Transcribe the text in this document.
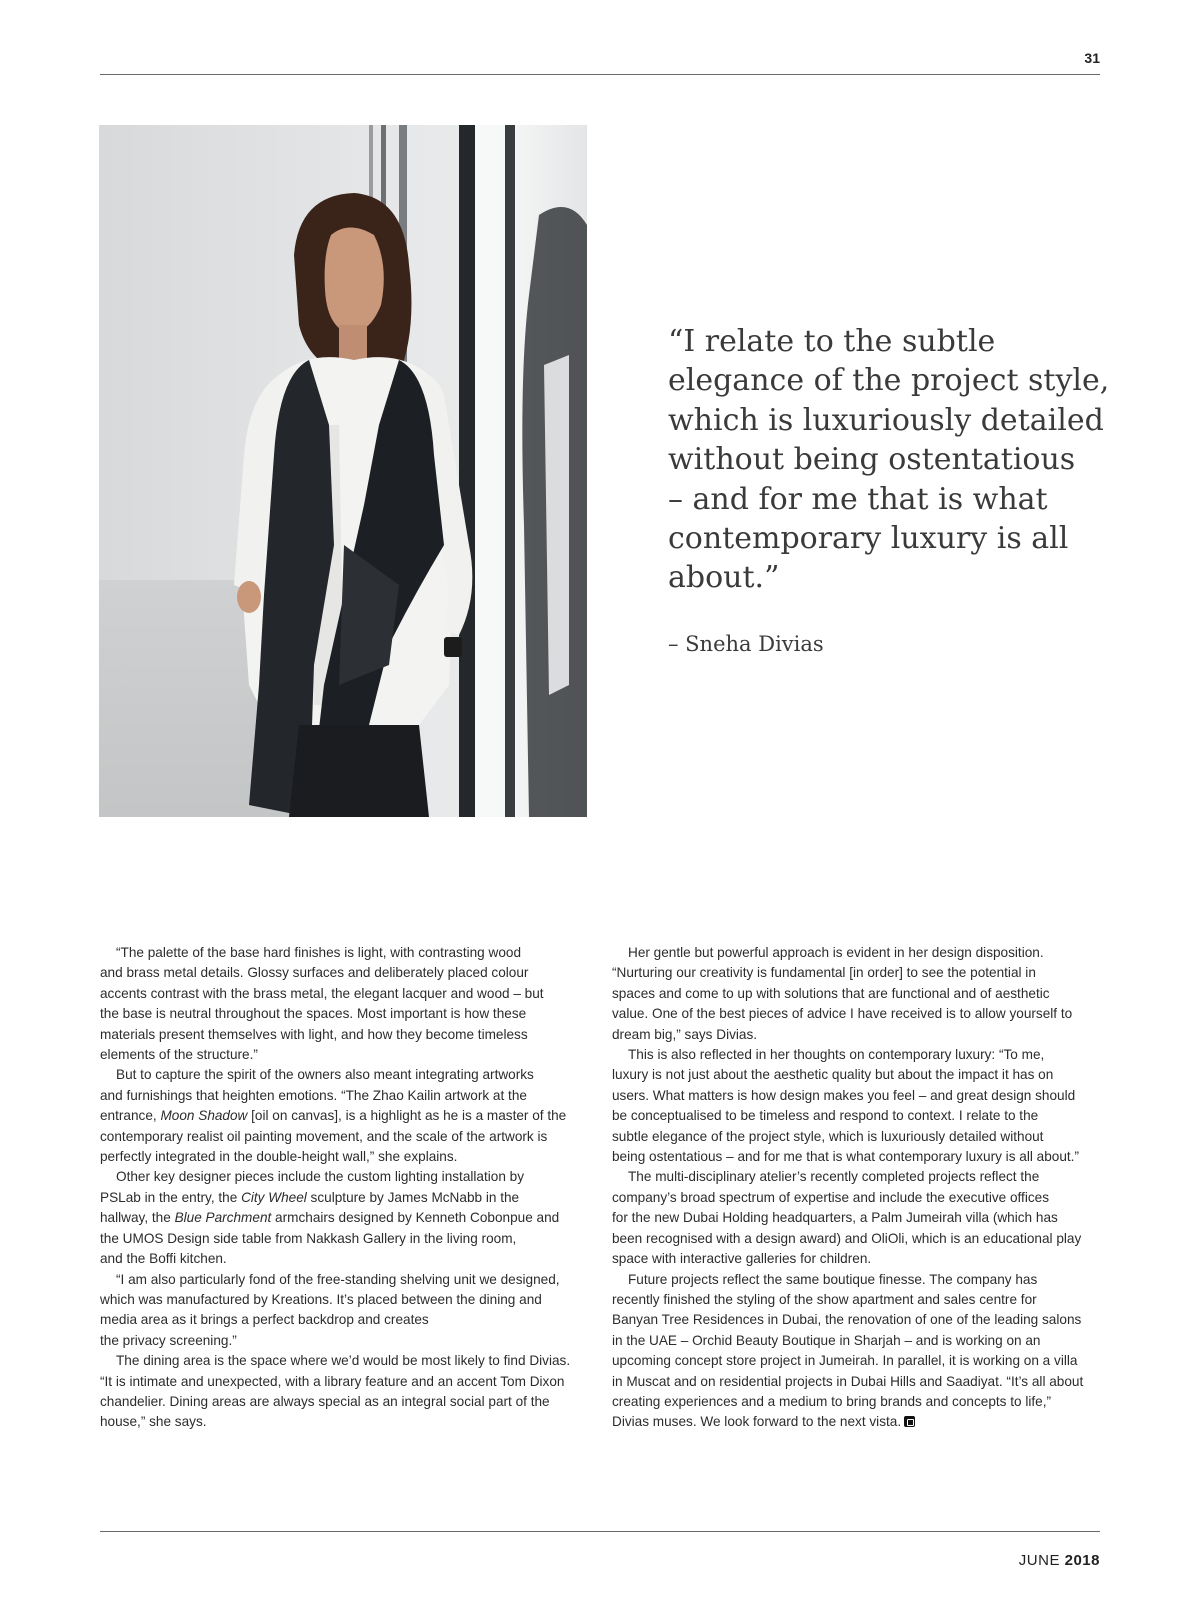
31
“I relate to the subtle
elegance of the project style,
which is luxuriously detailed
without being ostentatious
– and for me that is what
contemporary luxury is all
about.”
– Sneha Divias
“The palette of the base hard finishes is light, with contrasting wood
and brass metal details. Glossy surfaces and deliberately placed colour
accents contrast with the brass metal, the elegant lacquer and wood – but
the base is neutral throughout the spaces. Most important is how these
materials present themselves with light, and how they become timeless
elements of the structure.”
But to capture the spirit of the owners also meant integrating artworks
and furnishings that heighten emotions. “The Zhao Kailin artwork at the
entrance, Moon Shadow [oil on canvas], is a highlight as he is a master of the
contemporary realist oil painting movement, and the scale of the artwork is
perfectly integrated in the double-height wall,” she explains.
Other key designer pieces include the custom lighting installation by
PSLab in the entry, the City Wheel sculpture by James McNabb in the
hallway, the Blue Parchment armchairs designed by Kenneth Cobonpue and
the UMOS Design side table from Nakkash Gallery in the living room,
and the Boffi kitchen.
“I am also particularly fond of the free-standing shelving unit we designed,
which was manufactured by Kreations. It’s placed between the dining and
media area as it brings a perfect backdrop and creates
the privacy screening.”
The dining area is the space where we’d would be most likely to find Divias.
“It is intimate and unexpected, with a library feature and an accent Tom Dixon
chandelier. Dining areas are always special as an integral social part of the
house,” she says.
Her gentle but powerful approach is evident in her design disposition.
“Nurturing our creativity is fundamental [in order] to see the potential in
spaces and come to up with solutions that are functional and of aesthetic
value. One of the best pieces of advice I have received is to allow yourself to
dream big,” says Divias.
This is also reflected in her thoughts on contemporary luxury: “To me,
luxury is not just about the aesthetic quality but about the impact it has on
users. What matters is how design makes you feel – and great design should
be conceptualised to be timeless and respond to context. I relate to the
subtle elegance of the project style, which is luxuriously detailed without
being ostentatious – and for me that is what contemporary luxury is all about.”
The multi-disciplinary atelier’s recently completed projects reflect the
company’s broad spectrum of expertise and include the executive offices
for the new Dubai Holding headquarters, a Palm Jumeirah villa (which has
been recognised with a design award) and OliOli, which is an educational play
space with interactive galleries for children.
Future projects reflect the same boutique finesse. The company has
recently finished the styling of the show apartment and sales centre for
Banyan Tree Residences in Dubai, the renovation of one of the leading salons
in the UAE – Orchid Beauty Boutique in Sharjah – and is working on an
upcoming concept store project in Jumeirah. In parallel, it is working on a villa
in Muscat and on residential projects in Dubai Hills and Saadiyat. “It’s all about
creating experiences and a medium to bring brands and concepts to life,”
Divias muses. We look forward to the next vista.
JUNE 2018
